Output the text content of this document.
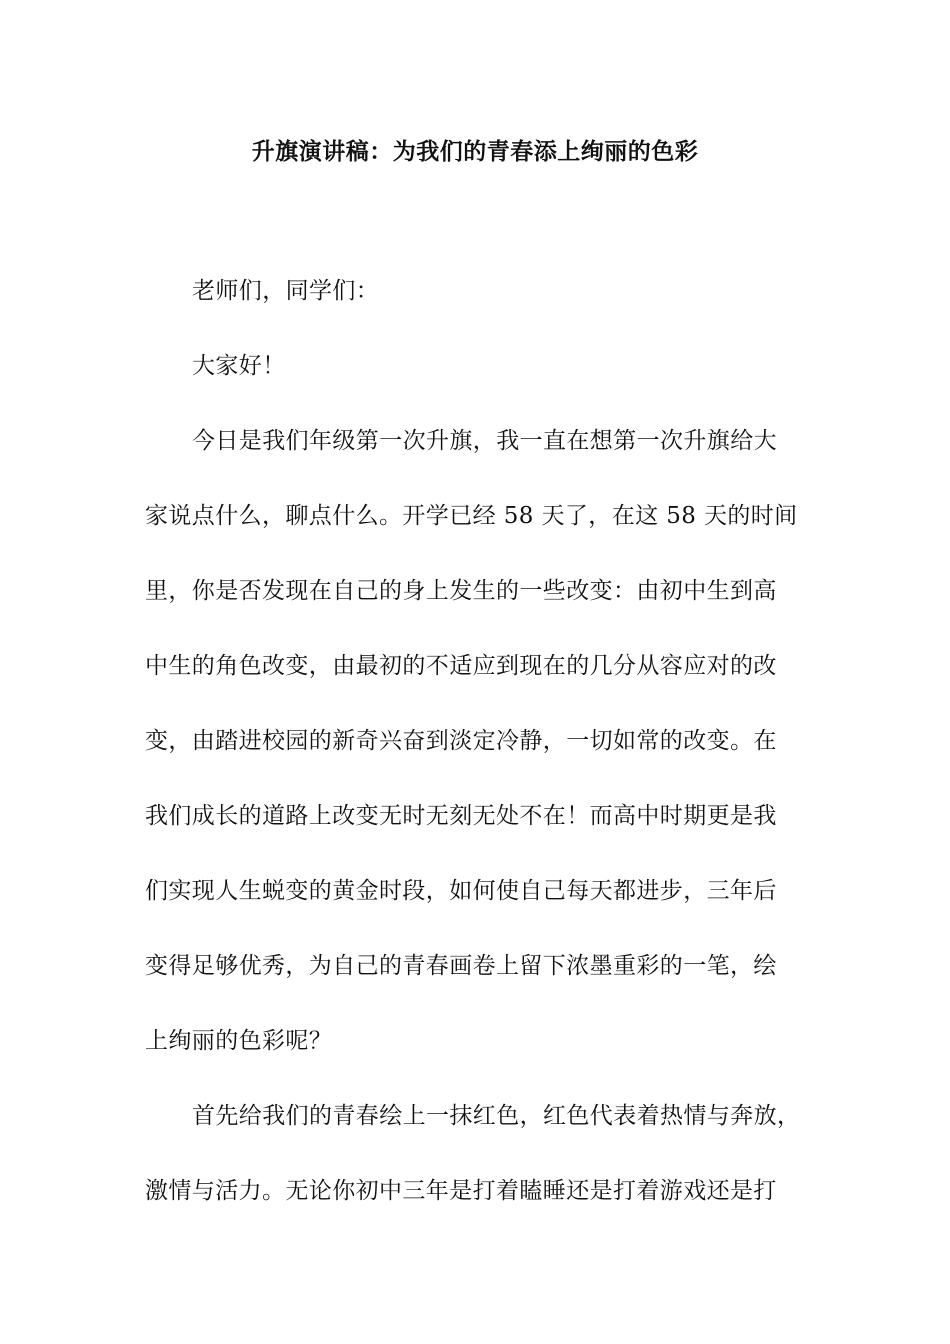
升旗演讲稿：为我们的青春添上绚丽的色彩

老师们，同学们：

大家好！

今日是我们年级第一次升旗，我一直在想第一次升旗给大
家说点什么，聊点什么。开学已经 58 天了，在这 58 天的时间
里，你是否发现在自己的身上发生的一些改变：由初中生到高
中生的角色改变，由最初的不适应到现在的几分从容应对的改
变，由踏进校园的新奇兴奋到淡定冷静，一切如常的改变。在
我们成长的道路上改变无时无刻无处不在！而高中时期更是我
们实现人生蜕变的黄金时段，如何使自己每天都进步，三年后
变得足够优秀，为自己的青春画卷上留下浓墨重彩的一笔，绘
上绚丽的色彩呢？

首先给我们的青春绘上一抹红色，红色代表着热情与奔放，
激情与活力。无论你初中三年是打着瞌睡还是打着游戏还是打
